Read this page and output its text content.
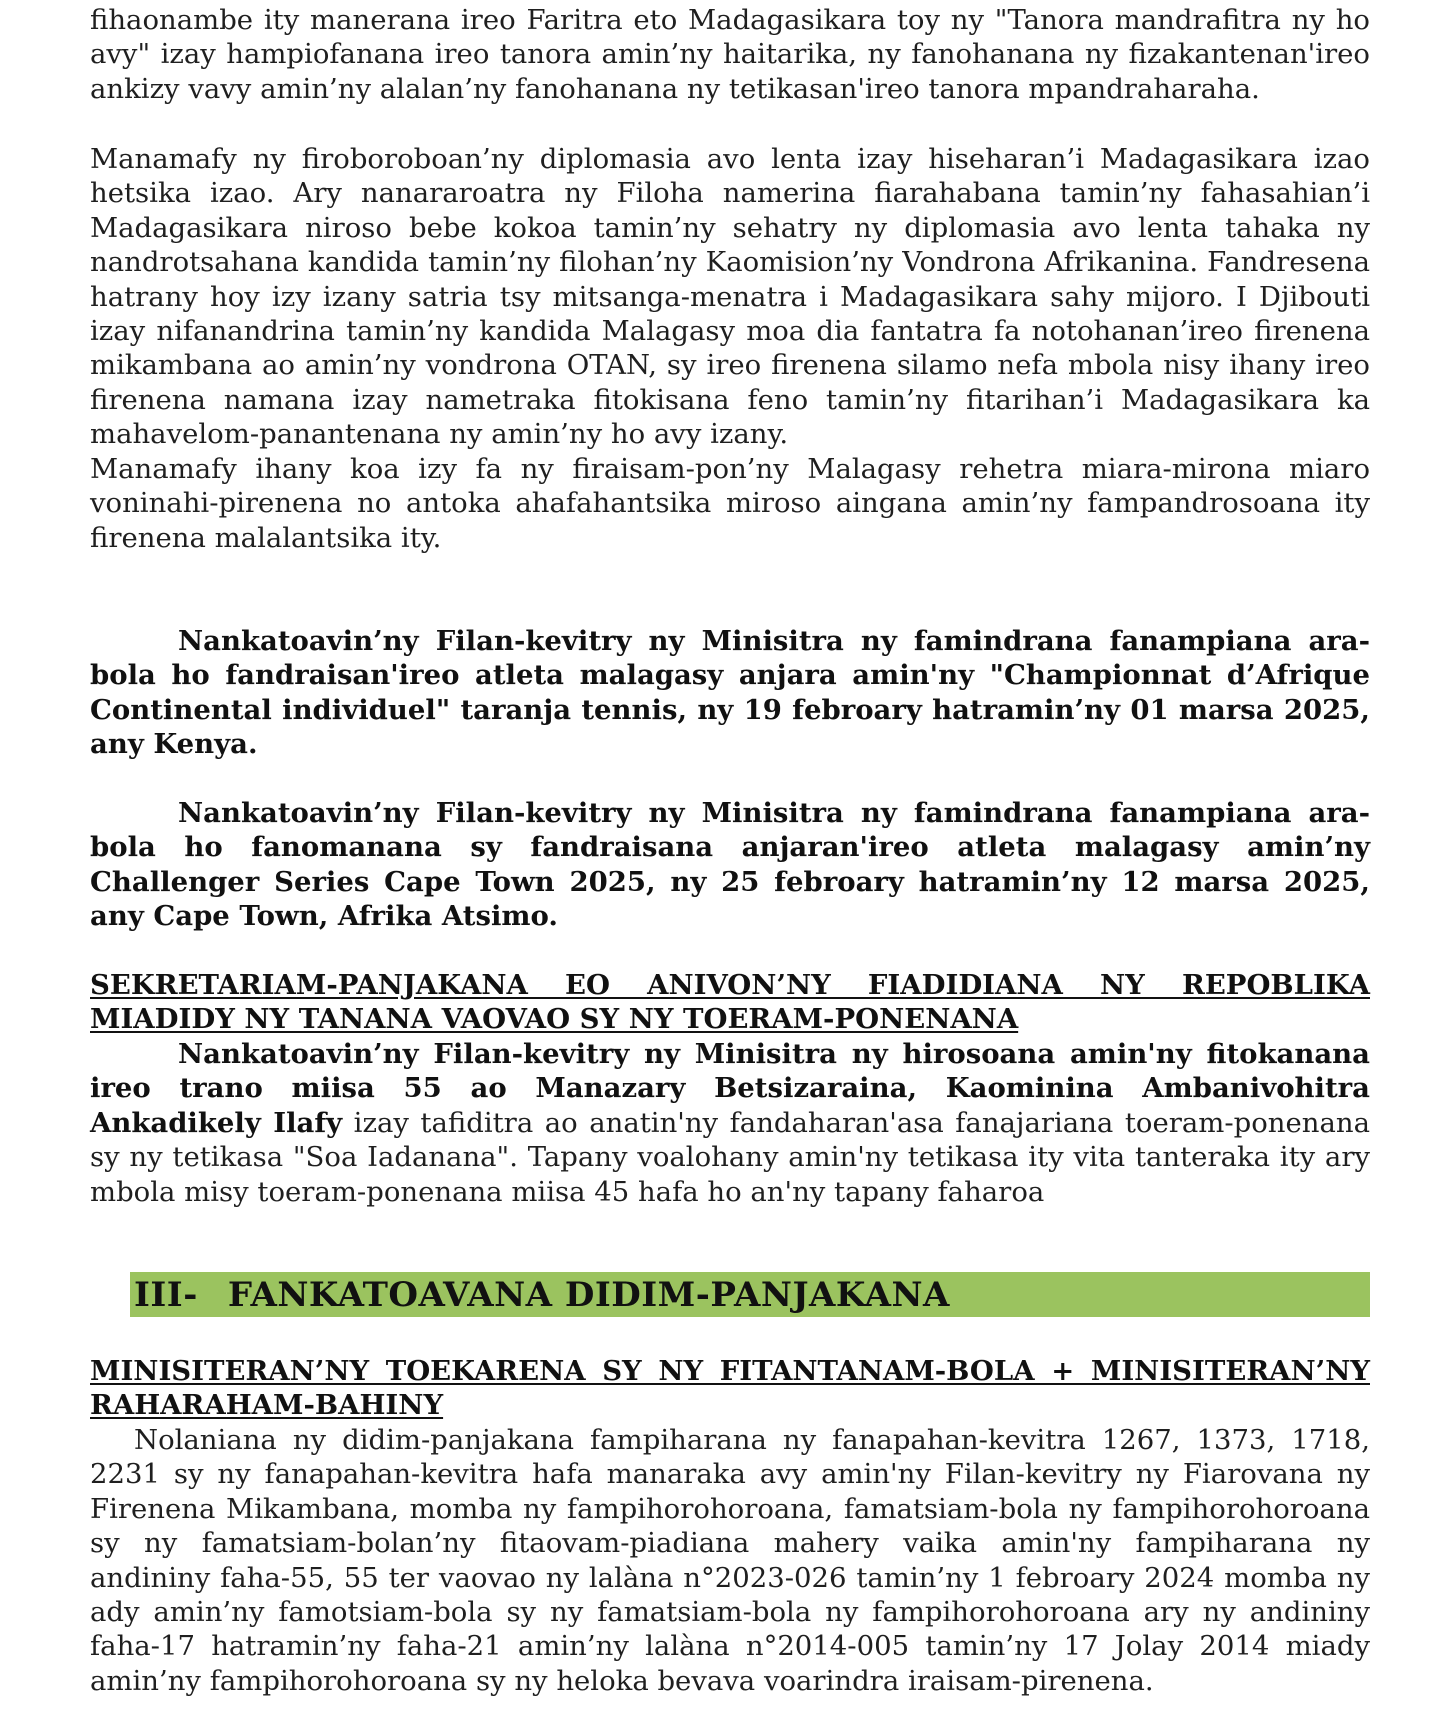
fihaonambe ity manerana ireo Faritra eto Madagasikara toy ny "Tanora mandrafitra ny ho avy" izay hampiofanana ireo tanora amin’ny haitarika, ny fanohanana ny fizakantenan'ireo ankizy vavy amin’ny alalan’ny fanohanana ny tetikasan'ireo tanora mpandraharaha.

Manamafy ny firoboroboan’ny diplomasia avo lenta izay hiseharan’i Madagasikara izao hetsika izao. Ary nanararoatra ny Filoha namerina fiarahabana tamin’ny fahasahian’i Madagasikara niroso bebe kokoa tamin’ny sehatry ny diplomasia avo lenta tahaka ny nandrotsahana kandida tamin’ny filohan’ny Kaomision’ny Vondrona Afrikanina. Fandresena hatrany hoy izy izany satria tsy mitsanga-menatra i Madagasikara sahy mijoro. I Djibouti izay nifanandrina tamin’ny kandida Malagasy moa dia fantatra fa notohanan’ireo firenena mikambana ao amin’ny vondrona OTAN, sy ireo firenena silamo nefa mbola nisy ihany ireo firenena namana izay nametraka fitokisana feno tamin’ny fitarihan’i Madagasikara ka mahavelom-panantenana ny amin’ny ho avy izany.

Manamafy ihany koa izy fa ny firaisam-pon’ny Malagasy rehetra miara-mirona miaro voninahi-pirenena no antoka ahafahantsika miroso aingana amin’ny fampandrosoana ity firenena malalantsika ity.

Nankatoavin’ny Filan-kevitry ny Minisitra ny famindrana fanampiana ara-bola ho fandraisan'ireo atleta malagasy anjara amin'ny "Championnat d’Afrique Continental individuel" taranja tennis, ny 19 febroary hatramin’ny 01 marsa 2025, any Kenya.

Nankatoavin’ny Filan-kevitry ny Minisitra ny famindrana fanampiana ara-bola ho fanomanana sy fandraisana anjaran'ireo atleta malagasy amin’ny Challenger Series Cape Town 2025, ny 25 febroary hatramin’ny 12 marsa 2025, any Cape Town, Afrika Atsimo.

SEKRETARIAM-PANJAKANA EO ANIVON’NY FIADIDIANA NY REPOBLIKA MIADIDY NY TANANA VAOVAO SY NY TOERAM-PONENANA

Nankatoavin’ny Filan-kevitry ny Minisitra ny hirosoana amin'ny fitokanana ireo trano miisa 55 ao Manazary Betsizaraina, Kaominina Ambanivohitra Ankadikely Ilafy izay tafiditra ao anatin'ny fandaharan'asa fanajariana toeram-ponenana sy ny tetikasa "Soa Iadanana". Tapany voalohany amin'ny tetikasa ity vita tanteraka ity ary mbola misy toeram-ponenana miisa 45 hafa ho an'ny tapany faharoa

III- FANKATOAVANA DIDIM-PANJAKANA

MINISITERAN’NY TOEKARENA SY NY FITANTANAM-BOLA + MINISITERAN’NY RAHARAHAM-BAHINY

Nolaniana ny didim-panjakana fampiharana ny fanapahan-kevitra 1267, 1373, 1718, 2231 sy ny fanapahan-kevitra hafa manaraka avy amin'ny Filan-kevitry ny Fiarovana ny Firenena Mikambana, momba ny fampihorohoroana, famatsiam-bola ny fampihorohoroana sy ny famatsiam-bolan’ny fitaovam-piadiana mahery vaika amin'ny fampiharana ny andininy faha-55, 55 ter vaovao ny lalàna n°2023-026 tamin’ny 1 febroary 2024 momba ny ady amin’ny famotsiam-bola sy ny famatsiam-bola ny fampihorohoroana ary ny andininy faha-17 hatramin’ny faha-21 amin’ny lalàna n°2014-005 tamin’ny 17 Jolay 2014 miady amin’ny fampihorohoroana sy ny heloka bevava voarindra iraisam-pirenena.
